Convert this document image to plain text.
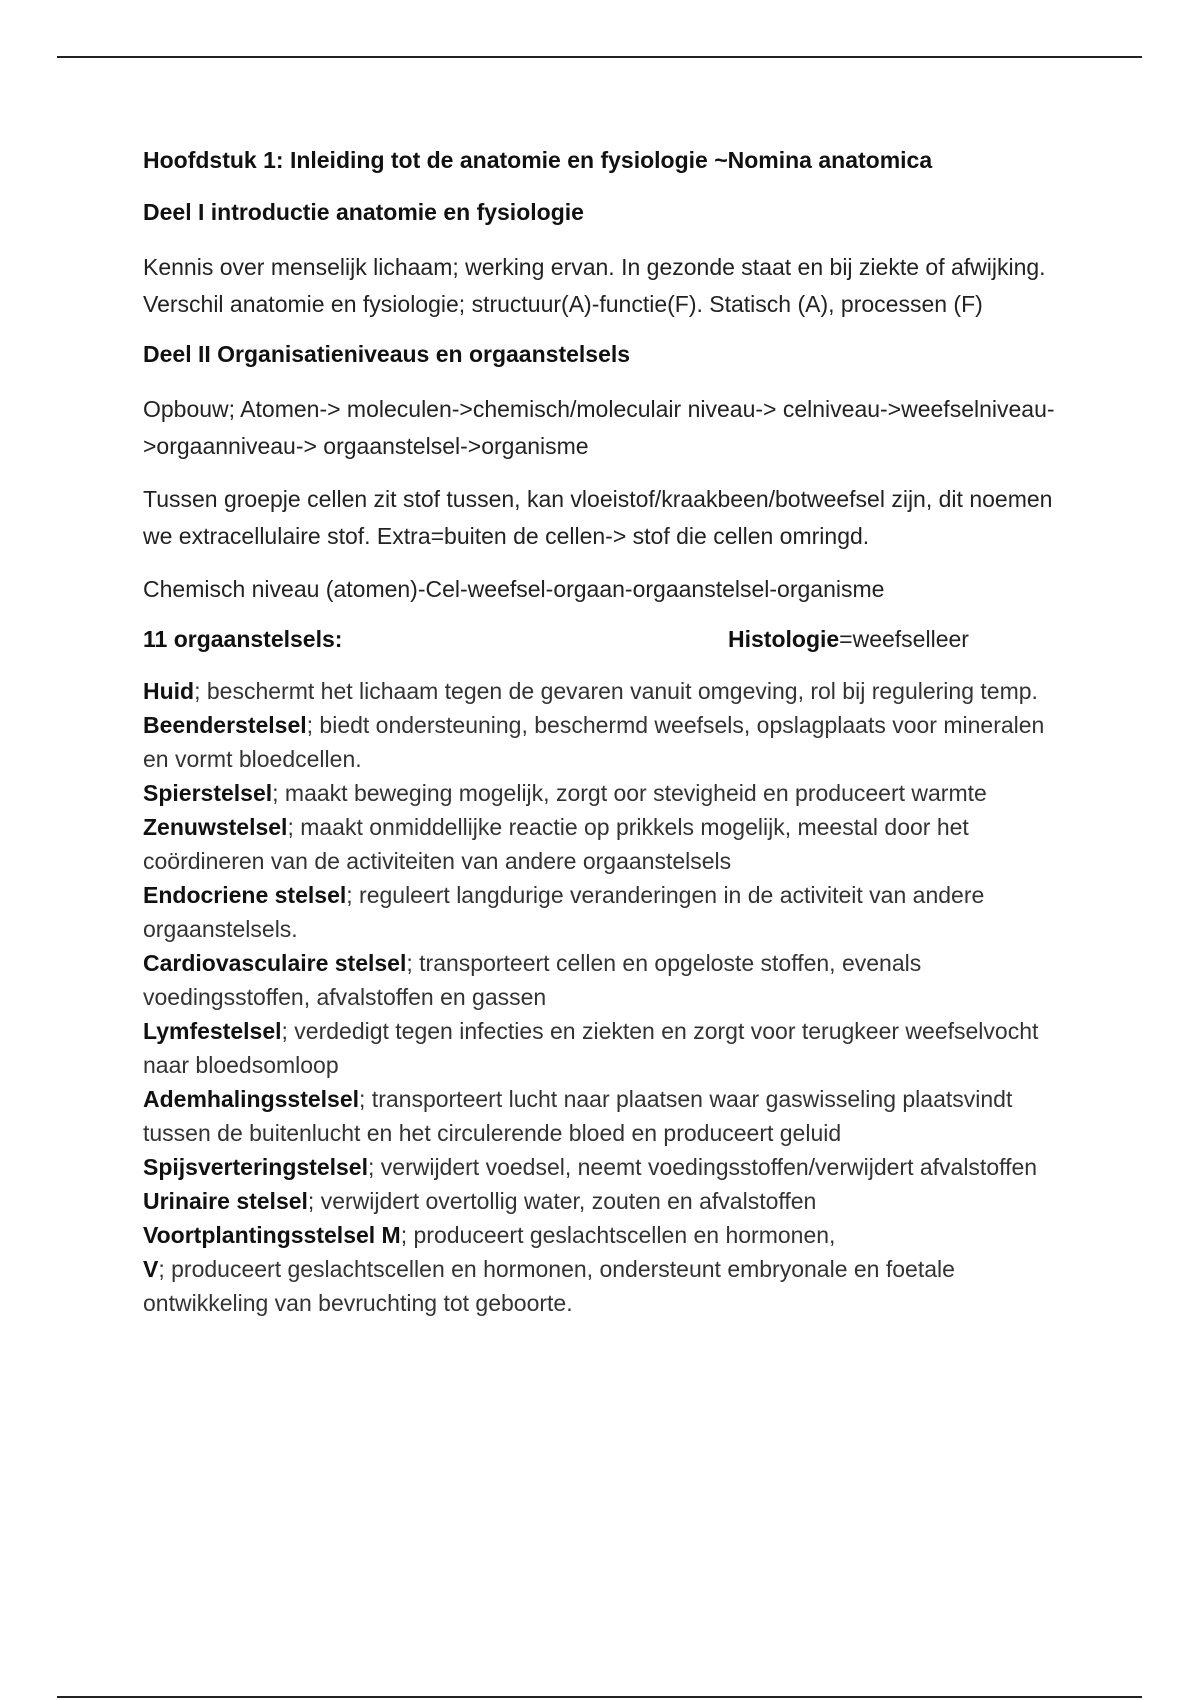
Hoofdstuk 1: Inleiding tot de anatomie en fysiologie ~Nomina anatomica
Deel I introductie anatomie en fysiologie
Kennis over menselijk lichaam; werking ervan. In gezonde staat en bij ziekte of afwijking. Verschil anatomie en fysiologie; structuur(A)-functie(F). Statisch (A), processen (F)
Deel II Organisatieniveaus en orgaanstelsels
Opbouw; Atomen-> moleculen->chemisch/moleculair niveau-> celniveau->weefselniveau->orgaanniveau-> orgaanstelsel->organisme
Tussen groepje cellen zit stof tussen, kan vloeistof/kraakbeen/botweefsel zijn, dit noemen we extracellulaire stof. Extra=buiten de cellen-> stof die cellen omringd.
Chemisch niveau (atomen)-Cel-weefsel-orgaan-orgaanstelsel-organisme
11 orgaanstelsels:	Histologie=weefselleer

Huid; beschermt het lichaam tegen de gevaren vanuit omgeving, rol bij regulering temp.

Beenderstelsel; biedt ondersteuning, beschermd weefsels, opslagplaats voor mineralen en vormt bloedcellen.

Spierstelsel; maakt beweging mogelijk, zorgt oor stevigheid en produceert warmte

Zenuwstelsel; maakt onmiddellijke reactie op prikkels mogelijk, meestal door het coördineren van de activiteiten van andere orgaanstelsels

Endocriene stelsel; reguleert langdurige veranderingen in de activiteit van andere orgaanstelsels.

Cardiovasculaire stelsel; transporteert cellen en opgeloste stoffen, evenals voedingsstoffen, afvalstoffen en gassen

Lymfestelsel; verdedigt tegen infecties en ziekten en zorgt voor terugkeer weefselvocht naar bloedsomloop

Ademhalingsstelsel; transporteert lucht naar plaatsen waar gaswisseling plaatsvindt tussen de buitenlucht en het circulerende bloed en produceert geluid

Spijsverteringstelsel; verwijdert voedsel, neemt voedingsstoffen/verwijdert afvalstoffen

Urinaire stelsel; verwijdert overtollig water, zouten en afvalstoffen

Voortplantingsstelsel M; produceert geslachtscellen en hormonen,

V; produceert geslachtscellen en hormonen, ondersteunt embryonale en foetale ontwikkeling van bevruchting tot geboorte.
